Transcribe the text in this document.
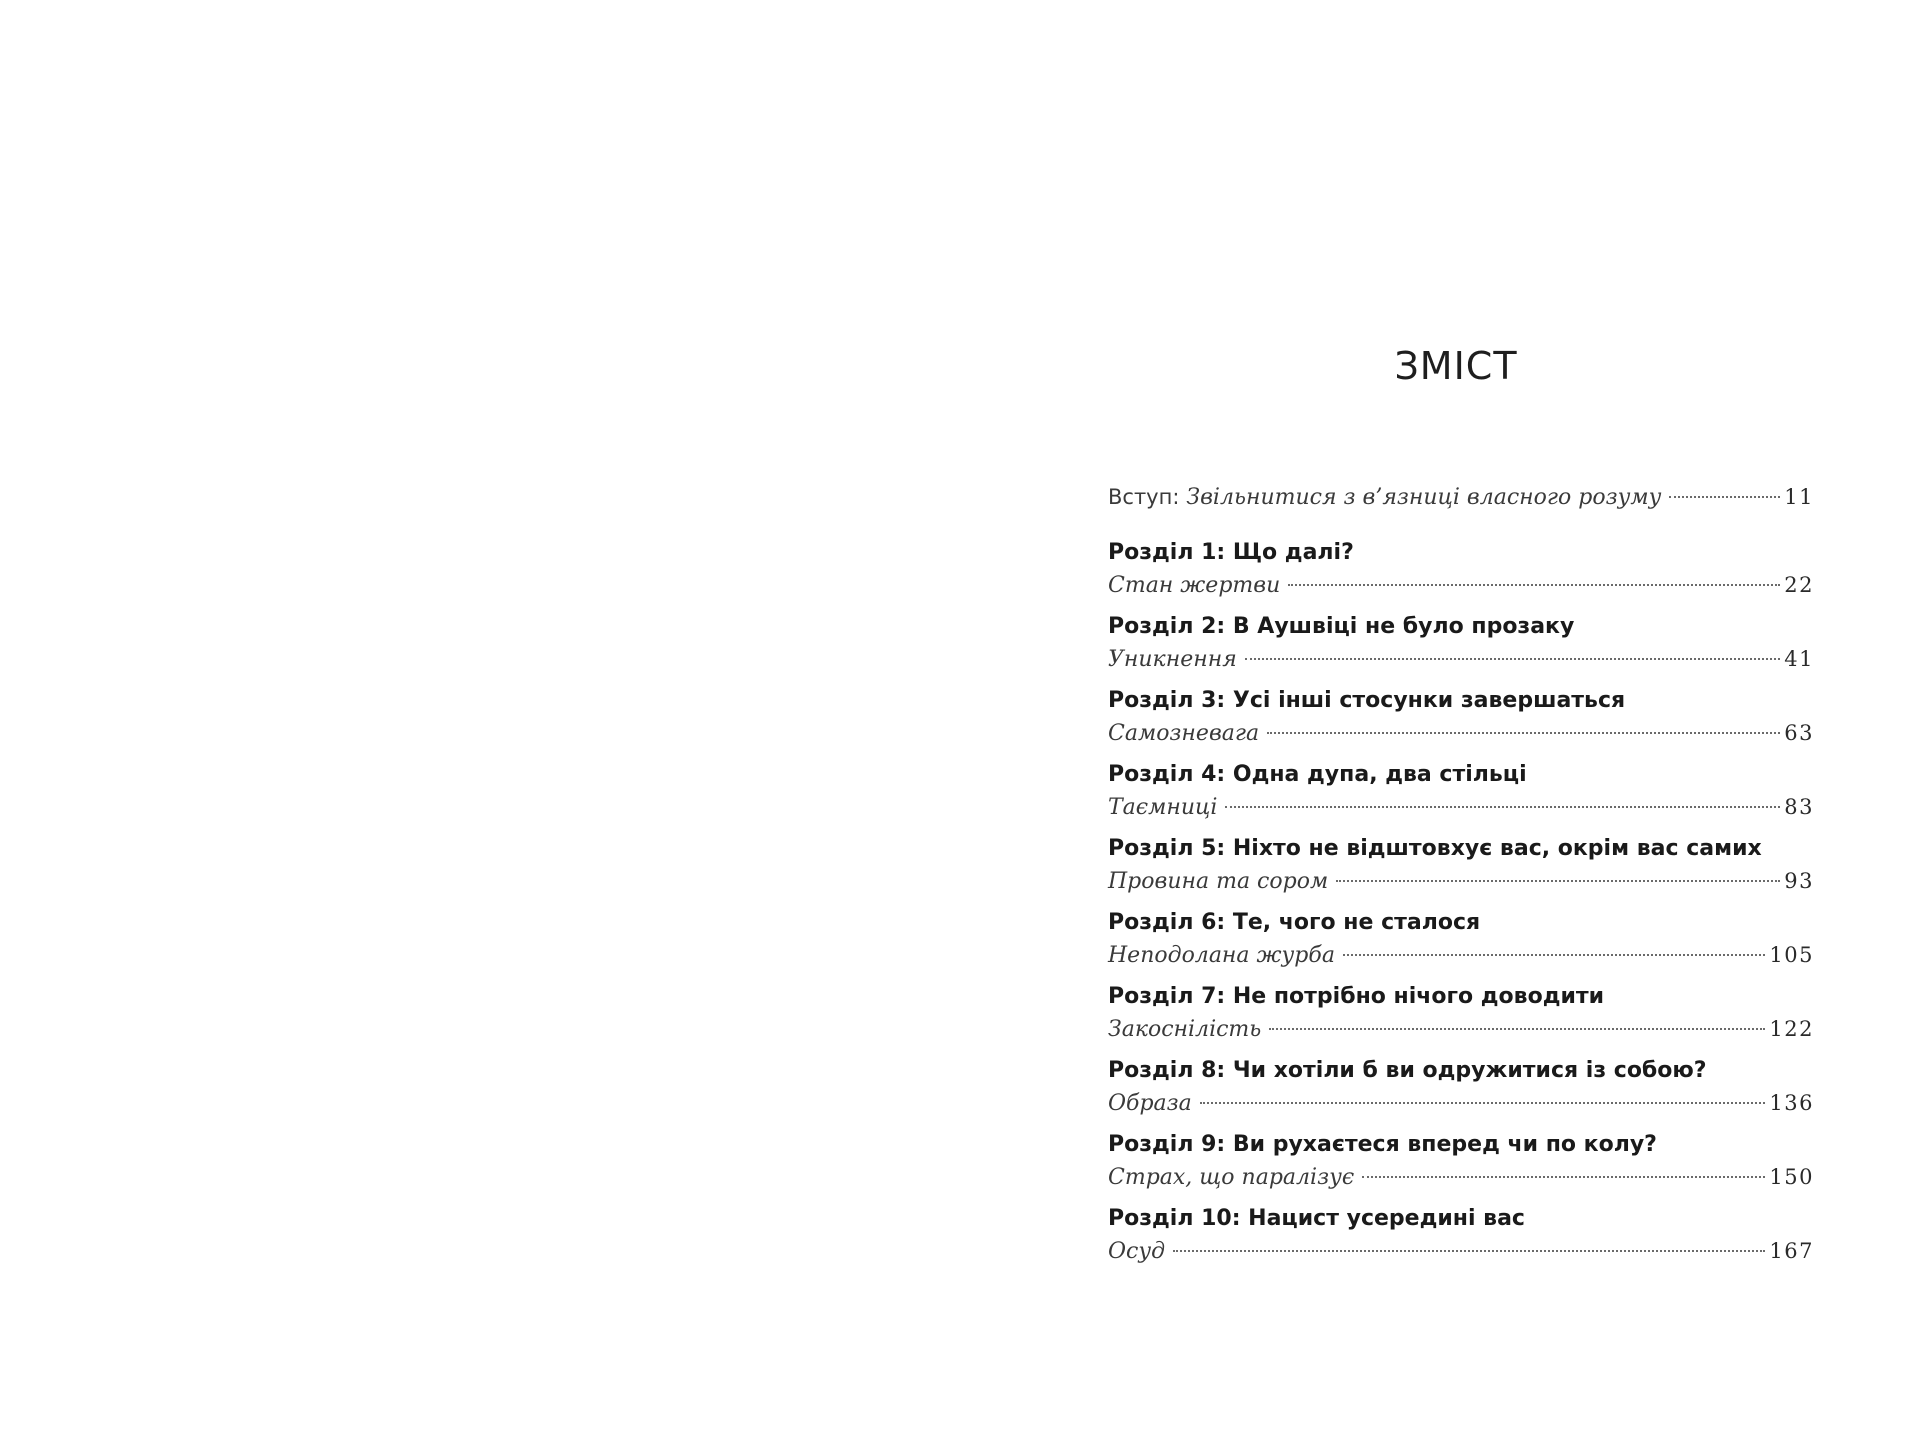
ЗМІСТ
Вступ: Звільнитися з в’язниці власного розуму	11
Розділ 1: Що далі?
Стан жертви	22
Розділ 2: В Аушвіці не було прозаку
Уникнення	41
Розділ 3: Усі інші стосунки завершаться
Самозневага	63
Розділ 4: Одна дупа, два стільці
Таємниці	83
Розділ 5: Ніхто не відштовхує вас, окрім вас самих
Провина та сором	93
Розділ 6: Те, чого не сталося
Неподолана журба	105
Розділ 7: Не потрібно нічого доводити
Закоснілість	122
Розділ 8: Чи хотіли б ви одружитися із собою?
Образа	136
Розділ 9: Ви рухаєтеся вперед чи по колу?
Страх, що паралізує	150
Розділ 10: Нацист усередині вас
Осуд	167
